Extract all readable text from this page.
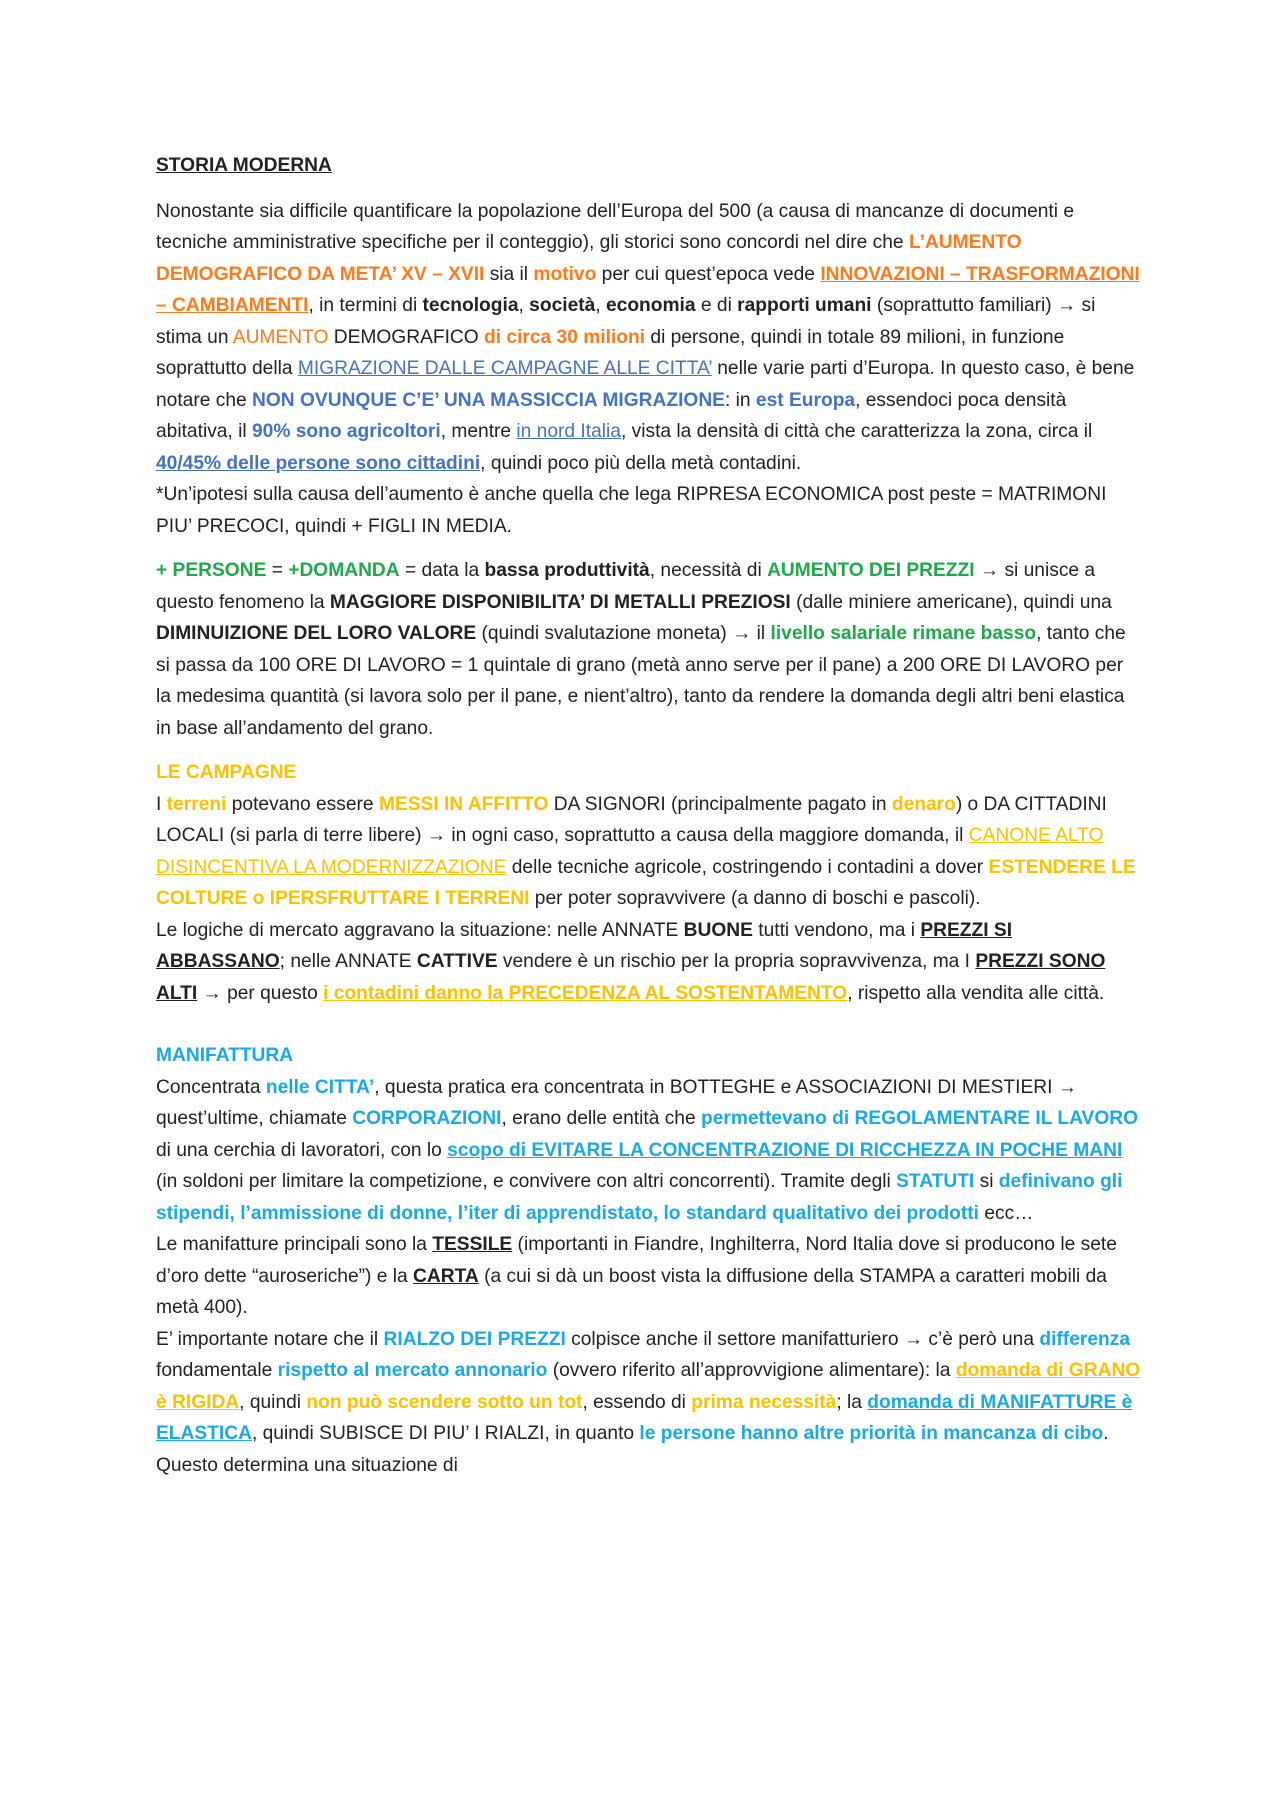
STORIA MODERNA

Nonostante sia difficile quantificare la popolazione dell’Europa del 500 (a causa di mancanze di documenti e tecniche amministrative specifiche per il conteggio), gli storici sono concordi nel dire che L’AUMENTO DEMOGRAFICO DA META’ XV – XVII sia il motivo per cui quest’epoca vede INNOVAZIONI – TRASFORMAZIONI – CAMBIAMENTI, in termini di tecnologia, società, economia e di rapporti umani (soprattutto familiari) → si stima un AUMENTO DEMOGRAFICO di circa 30 milioni di persone, quindi in totale 89 milioni, in funzione soprattutto della MIGRAZIONE DALLE CAMPAGNE ALLE CITTA’ nelle varie parti d’Europa. In questo caso, è bene notare che NON OVUNQUE C’E’ UNA MASSICCIA MIGRAZIONE: in est Europa, essendoci poca densità abitativa, il 90% sono agricoltori, mentre in nord Italia, vista la densità di città che caratterizza la zona, circa il 40/45% delle persone sono cittadini, quindi poco più della metà contadini.

*Un’ipotesi sulla causa dell’aumento è anche quella che lega RIPRESA ECONOMICA post peste = MATRIMONI PIU’ PRECOCI, quindi + FIGLI IN MEDIA.

+ PERSONE = +DOMANDA = data la bassa produttività, necessità di AUMENTO DEI PREZZI → si unisce a questo fenomeno la MAGGIORE DISPONIBILITA’ DI METALLI PREZIOSI (dalle miniere americane), quindi una DIMINUIZIONE DEL LORO VALORE (quindi svalutazione moneta) → il livello salariale rimane basso, tanto che si passa da 100 ORE DI LAVORO = 1 quintale di grano (metà anno serve per il pane) a 200 ORE DI LAVORO per la medesima quantità (si lavora solo per il pane, e nient’altro), tanto da rendere la domanda degli altri beni elastica in base all’andamento del grano.

LE CAMPAGNE

I terreni potevano essere MESSI IN AFFITTO DA SIGNORI (principalmente pagato in denaro) o DA CITTADINI LOCALI (si parla di terre libere) → in ogni caso, soprattutto a causa della maggiore domanda, il CANONE ALTO DISINCENTIVA LA MODERNIZZAZIONE delle tecniche agricole, costringendo i contadini a dover ESTENDERE LE COLTURE o IPERSFRUTTARE I TERRENI per poter sopravvivere (a danno di boschi e pascoli).

Le logiche di mercato aggravano la situazione: nelle ANNATE BUONE tutti vendono, ma i PREZZI SI ABBASSANO; nelle ANNATE CATTIVE vendere è un rischio per la propria sopravvivenza, ma I PREZZI SONO ALTI → per questo i contadini danno la PRECEDENZA AL SOSTENTAMENTO, rispetto alla vendita alle città.

MANIFATTURA

Concentrata nelle CITTA’, questa pratica era concentrata in BOTTEGHE e ASSOCIAZIONI DI MESTIERI → quest’ultime, chiamate CORPORAZIONI, erano delle entità che permettevano di REGOLAMENTARE IL LAVORO di una cerchia di lavoratori, con lo scopo di EVITARE LA CONCENTRAZIONE DI RICCHEZZA IN POCHE MANI (in soldoni per limitare la competizione, e convivere con altri concorrenti). Tramite degli STATUTI si definivano gli stipendi, l’ammissione di donne, l’iter di apprendistato, lo standard qualitativo dei prodotti ecc…

Le manifatture principali sono la TESSILE (importanti in Fiandre, Inghilterra, Nord Italia dove si producono le sete d’oro dette “auroseriche”) e la CARTA (a cui si dà un boost vista la diffusione della STAMPA a caratteri mobili da metà 400).

E’ importante notare che il RIALZO DEI PREZZI colpisce anche il settore manifatturiero → c’è però una differenza fondamentale rispetto al mercato annonario (ovvero riferito all’approvvigione alimentare): la domanda di GRANO è RIGIDA, quindi non può scendere sotto un tot, essendo di prima necessità; la domanda di MANIFATTURE è ELASTICA, quindi SUBISCE DI PIU’ I RIALZI, in quanto le persone hanno altre priorità in mancanza di cibo. Questo determina una situazione di
